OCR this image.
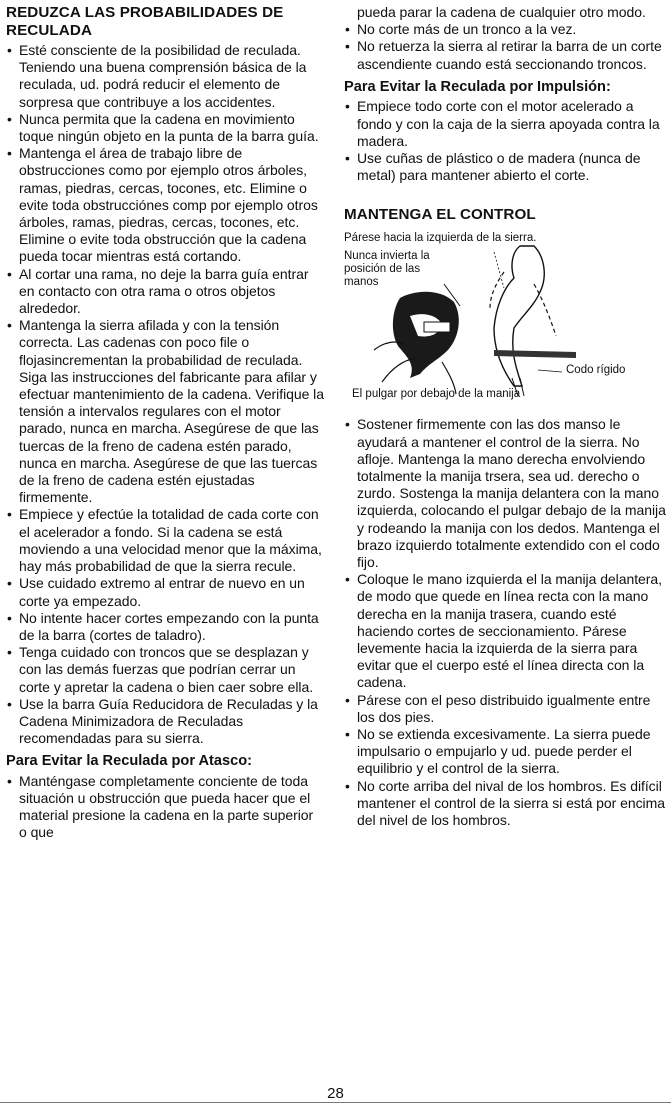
REDUZCA LAS PROBABILIDADES DE RECULADA
• Esté consciente de la posibilidad de reculada. Teniendo una buena comprensión básica de la reculada, ud. podrá reducir el elemento de sorpresa que contribuye a los accidentes.
• Nunca permita que la cadena en movimiento toque ningún objeto en la punta de la barra guía.
• Mantenga el área de trabajo libre de obstrucciones como por ejemplo otros árboles, ramas, piedras, cercas, tocones, etc. Elimine o evite toda obstrucciónes comp por ejemplo otros árboles, ramas, piedras, cercas, tocones, etc. Elimine o evite toda obstrucción que la cadena pueda tocar mientras está cortando.
• Al cortar una rama, no deje la barra guía entrar en contacto con otra rama o otros objetos alrededor.
• Mantenga la sierra afilada y con la tensión correcta. Las cadenas con poco file o flojasincrementan la probabilidad de reculada. Siga las instrucciones del fabricante para afilar y efectuar mantenimiento de la cadena. Verifique la tensión a intervalos regulares con el motor parado, nunca en marcha. Asegúrese de que las tuercas de la freno de cadena estén parado, nunca en marcha. Asegúrese de que las tuercas de la freno de cadena estén ejustadas firmemente.
• Empiece y efectúe la totalidad de cada corte con el acelerador a fondo. Si la cadena se está moviendo a una velocidad menor que la máxima, hay más probabilidad de que la sierra recule.
• Use cuidado extremo al entrar de nuevo en un corte ya empezado.
• No intente hacer cortes empezando con la punta de la barra (cortes de taladro).
• Tenga cuidado con troncos que se desplazan y con las demás fuerzas que podrían cerrar un corte y apretar la cadena o bien caer sobre ella.
• Use la barra Guía Reducidora de Reculadas y la Cadena Minimizadora de Reculadas recomendadas para su sierra.
Para Evitar la Reculada por Atasco:
• Manténgase completamente conciente de toda situación u obstrucción que pueda hacer que el material presione la cadena en la parte superior o que
pueda parar la cadena de cualquier otro modo.
• No corte más de un tronco a la vez.
• No retuerza la sierra al retirar la barra de un corte ascendiente cuando está seccionando troncos.
Para Evitar la Reculada por Impulsión:
• Empiece todo corte con el motor acelerado a fondo y con la caja de la sierra apoyada contra la madera.
• Use cuñas de plástico o de madera (nunca de metal) para mantener abierto el corte.
MANTENGA EL CONTROL
Párese hacia la izquierda de la sierra.
Nunca invierta la posición de las manos
Codo rígido
El pulgar por debajo de la manija
• Sostener firmemente con las dos manso le ayudará a mantener el control de la sierra. No afloje. Mantenga la mano derecha envolviendo totalmente la manija trsera, sea ud. derecho o zurdo. Sostenga la manija delantera con la mano izquierda, colocando el pulgar debajo de la manija y rodeando la manija con los dedos. Mantenga el brazo izquierdo totalmente extendido con el codo fijo.
• Coloque le mano izquierda el la manija delantera, de modo que quede en línea recta con la mano derecha en la manija trasera, cuando esté haciendo cortes de seccionamiento. Párese levemente hacia la izquierda de la sierra para evitar que el cuerpo esté el línea directa con la cadena.
• Párese con el peso distribuido igualmente entre los dos pies.
• No se extienda excesivamente. La sierra puede impulsario o empujarlo y ud. puede perder el equilibrio y el control de la sierra.
• No corte arriba del nival de los hombros. Es difícil mantener el control de la sierra si está por encima del nivel de los hombros.
28
